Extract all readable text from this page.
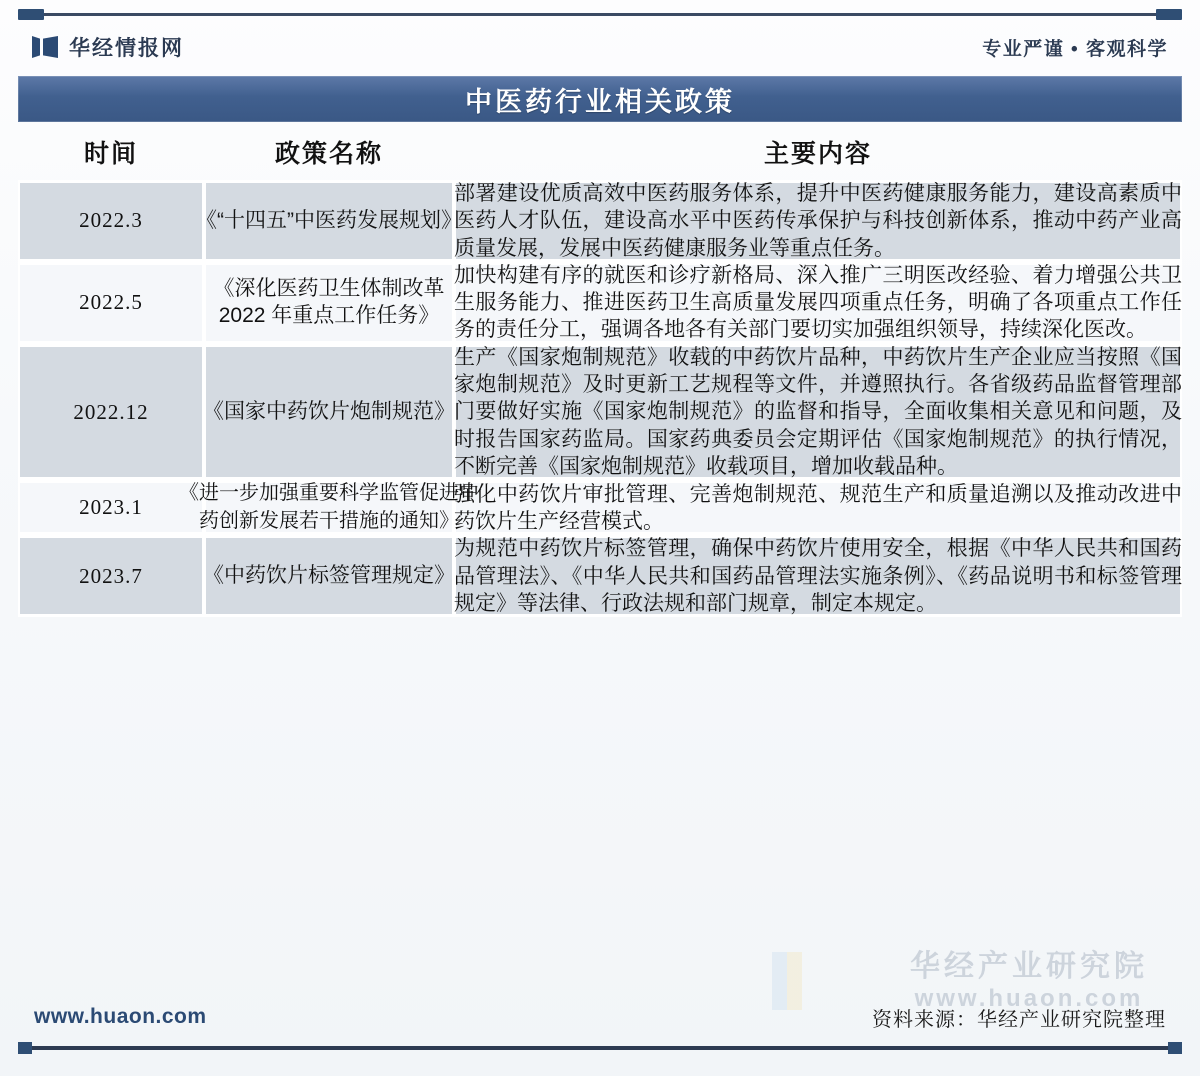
华经情报网	专业严谨 • 客观科学
中医药行业相关政策
时间	政策名称	主要内容
2022.3	《“十四五”中医药发展规划》	部署建设优质高效中医药服务体系，提升中医药健康服务能力，建设高素质中医药人才队伍，建设高水平中医药传承保护与科技创新体系，推动中药产业高质量发展，发展中医药健康服务业等重点任务。

2022.5	《深化医药卫生体制改革 2022 年重点工作任务》	加快构建有序的就医和诊疗新格局、深入推广三明医改经验、着力增强公共卫生服务能力、推进医药卫生高质量发展四项重点任务，明确了各项重点工作任务的责任分工，强调各地各有关部门要切实加强组织领导，持续深化医改。

2022.12	《国家中药饮片炮制规范》	生产《国家炮制规范》收载的中药饮片品种，中药饮片生产企业应当按照《国家炮制规范》及时更新工艺规程等文件，并遵照执行。各省级药品监督管理部门要做好实施《国家炮制规范》的监督和指导，全面收集相关意见和问题，及时报告国家药监局。国家药典委员会定期评估《国家炮制规范》的执行情况，不断完善《国家炮制规范》收载项目，增加收载品种。

2023.1	《进一步加强重要科学监管促进中药创新发展若干措施的通知》	强化中药饮片审批管理、完善炮制规范、规范生产和质量追溯以及推动改进中药饮片生产经营模式。

2023.7	《中药饮片标签管理规定》	为规范中药饮片标签管理，确保中药饮片使用安全，根据《中华人民共和国药品管理法》、《中华人民共和国药品管理法实施条例》、《药品说明书和标签管理规定》等法律、行政法规和部门规章，制定本规定。

华经产业研究院
www.huaon.com
www.huaon.com	资料来源：华经产业研究院整理
